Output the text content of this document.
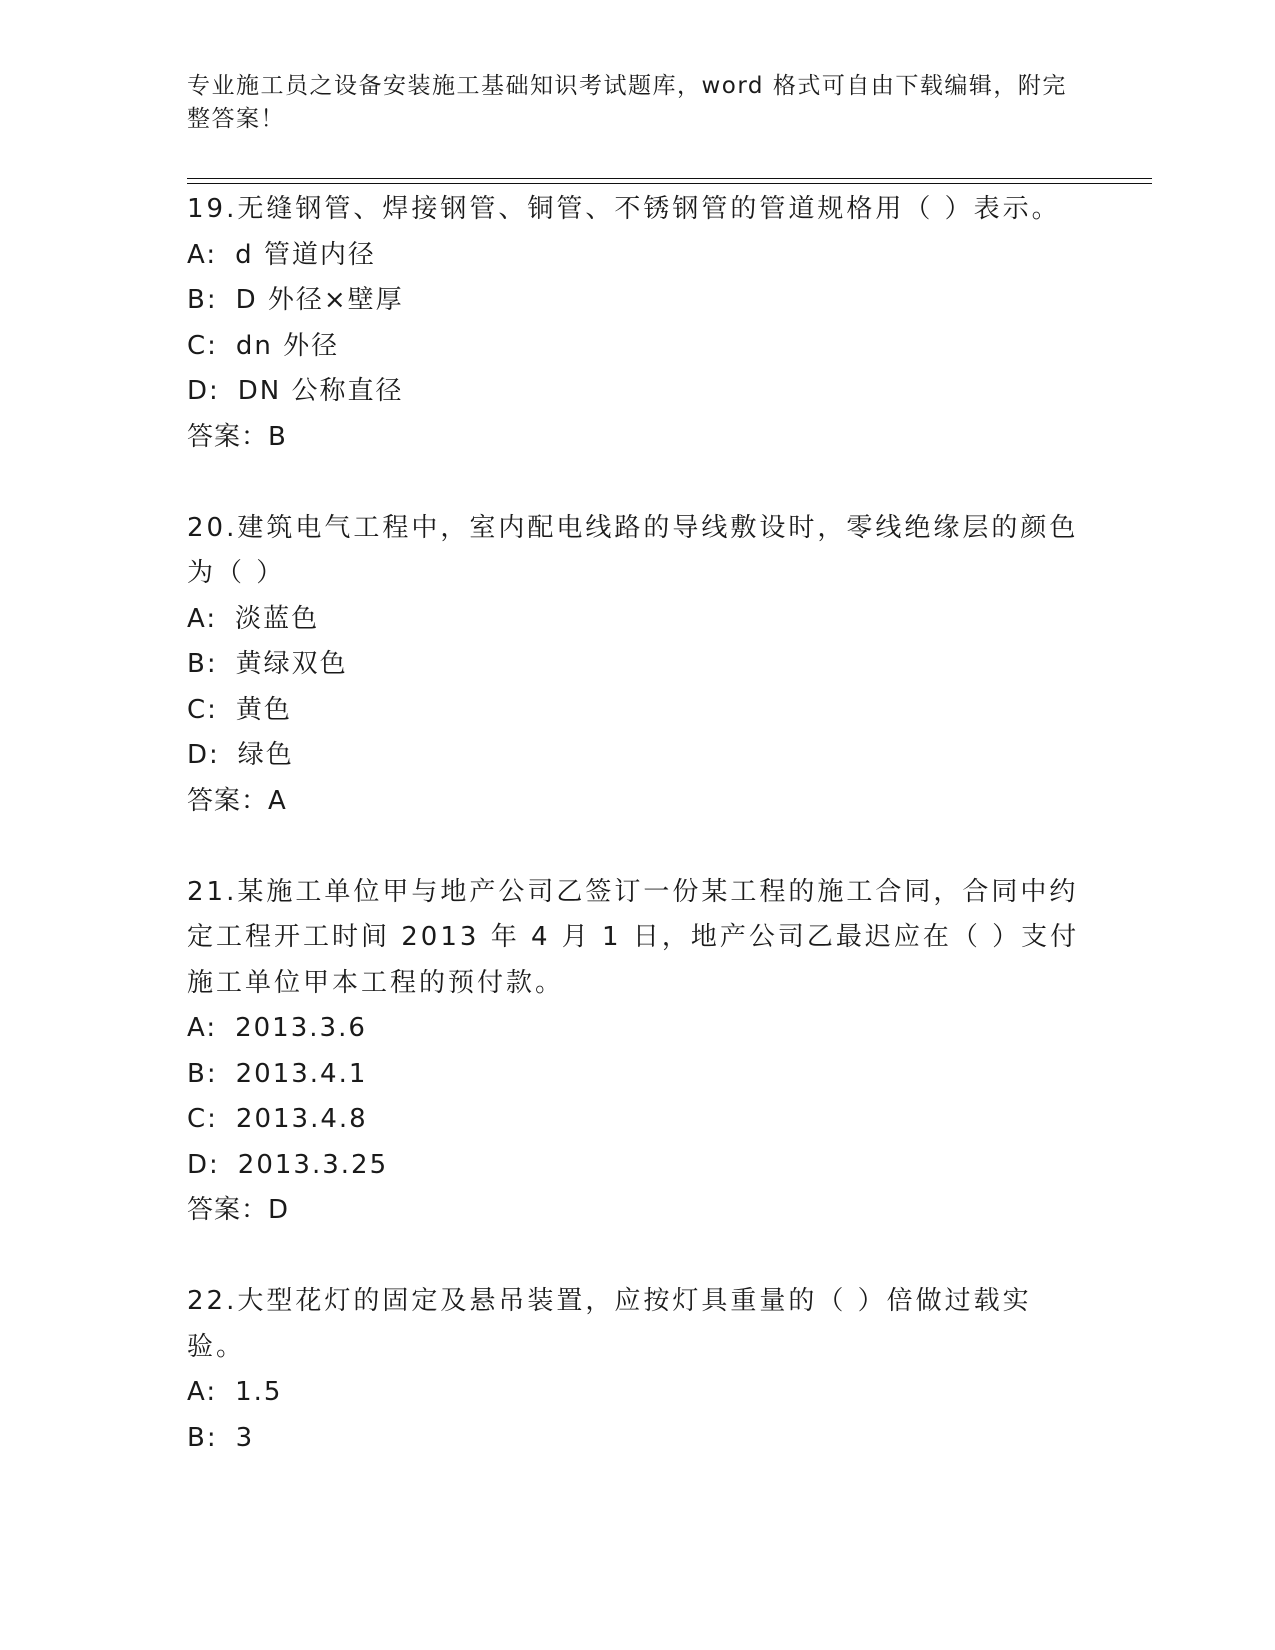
专业施工员之设备安装施工基础知识考试题库，word 格式可自由下载编辑，附完整答案！

19.无缝钢管、焊接钢管、铜管、不锈钢管的管道规格用（ ）表示。

A: d 管道内径

B: D 外径×壁厚

C: dn 外径

D: DN 公称直径

答案：B

20.建筑电气工程中，室内配电线路的导线敷设时，零线绝缘层的颜色为（ ）

A: 淡蓝色

B: 黄绿双色

C: 黄色

D: 绿色

答案：A

21.某施工单位甲与地产公司乙签订一份某工程的施工合同，合同中约定工程开工时间 2013 年 4 月 1 日，地产公司乙最迟应在（ ）支付施工单位甲本工程的预付款。

A: 2013.3.6

B: 2013.4.1

C: 2013.4.8

D: 2013.3.25

答案：D

22.大型花灯的固定及悬吊装置，应按灯具重量的（ ）倍做过载实验。

A: 1.5

B: 3
